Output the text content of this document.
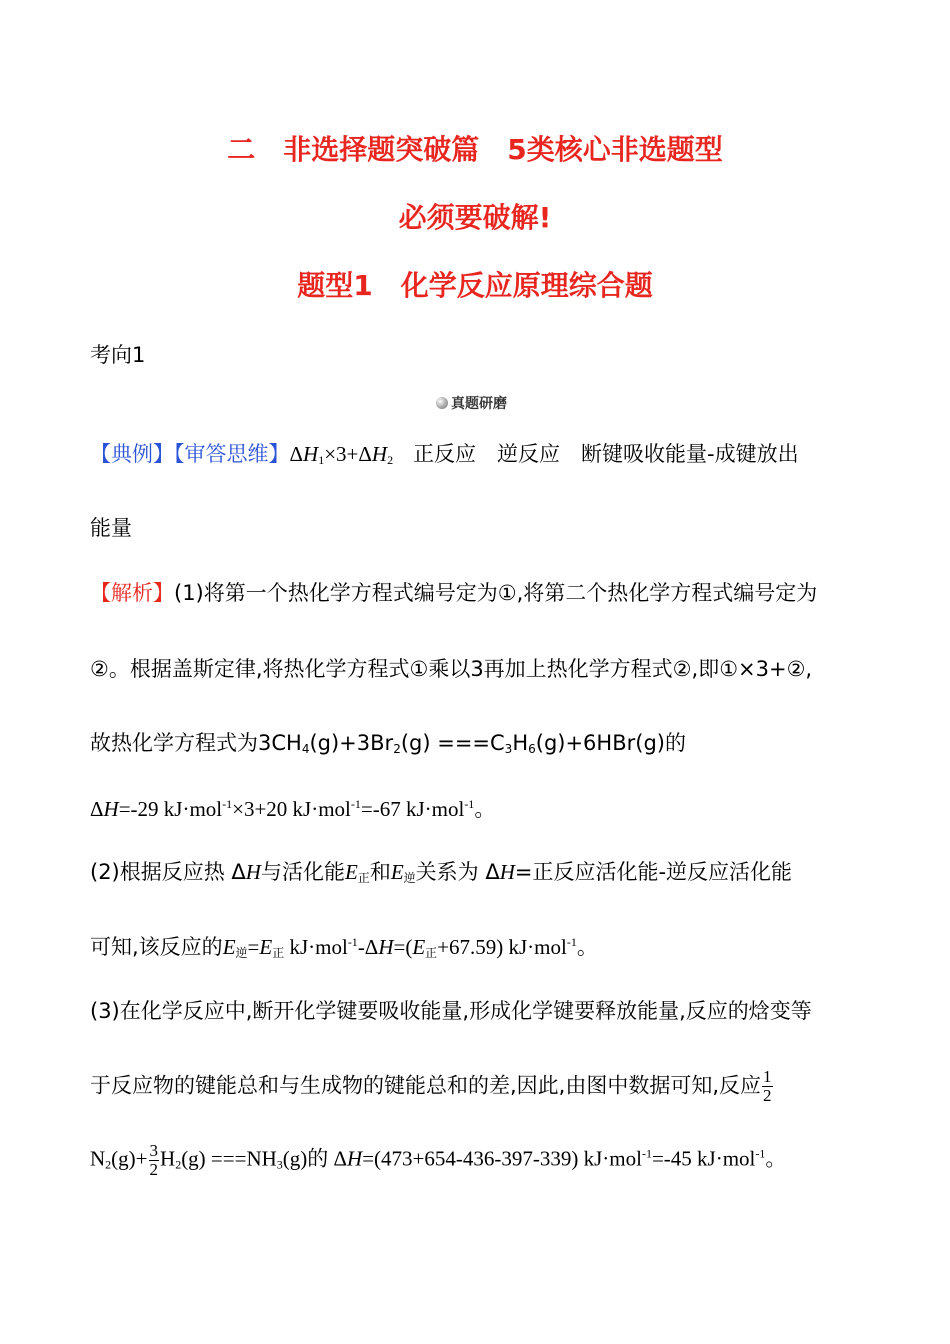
二　非选择题突破篇　5类核心非选题型
必须要破解!
题型1　化学反应原理综合题
考向1
真题研磨
【典例】【审答思维】$\Delta H_1\times 3+\Delta H_2$ 正反应　逆反应　断键吸收能量-成键放出
能量
【解析】(1)将第一个热化学方程式编号定为①,将第二个热化学方程式编号定为
②。根据盖斯定律,将热化学方程式①乘以3再加上热化学方程式②,即①×3+②,
故热化学方程式为$3CH_4(g)+3Br_2(g) ===C_3H_6(g)+6HBr(g)$的
ΔH=-29 kJ·mol$^{-1}$×3+20 kJ·mol$^{-1}$=-67 kJ·mol$^{-1}$。
(2)根据反应热 ΔH与活化能$E_正$和$E_逆$关系为 ΔH=正反应活化能-逆反应活化能
可知,该反应的$E_逆=E_正$ $kJ\cdot mol^{-1}-\Delta H=(E_正+67.59)$ kJ·mol$^{-1}$。
(3)在化学反应中,断开化学键要吸收能量,形成化学键要释放能量,反应的焓变等
于反应物的键能总和与生成物的键能总和的差,因此,由图中数据可知,反应 $\frac{1}{2}$
$N_2(g)+ \frac{3}{2} H_2(g) ===NH_3(g)$的 ΔH=(473+654-436-397-339) kJ·mol$^{-1}$=-45 kJ·mol$^{-1}$。
